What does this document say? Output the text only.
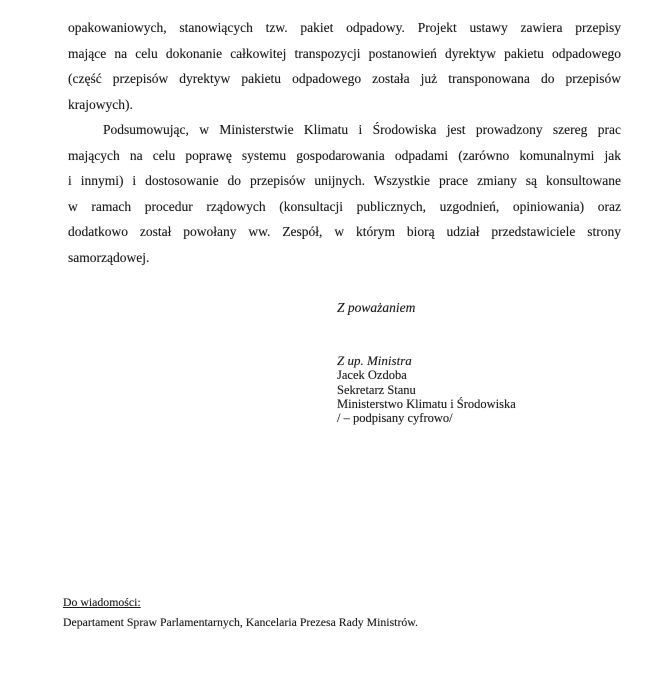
opakowaniowych, stanowiących tzw. pakiet odpadowy. Projekt ustawy zawiera przepisy
mające na celu dokonanie całkowitej transpozycji postanowień dyrektyw pakietu odpadowego
(część przepisów dyrektyw pakietu odpadowego została już transponowana do przepisów
krajowych).
Podsumowując, w Ministerstwie Klimatu i Środowiska jest prowadzony szereg prac
mających na celu poprawę systemu gospodarowania odpadami (zarówno komunalnymi jak
i innymi) i dostosowanie do przepisów unijnych. Wszystkie prace zmiany są konsultowane
w ramach procedur rządowych (konsultacji publicznych, uzgodnień, opiniowania) oraz
dodatkowo został powołany ww. Zespół, w którym biorą udział przedstawiciele strony
samorządowej.
Z poważaniem
Z up. Ministra
Jacek Ozdoba
Sekretarz Stanu
Ministerstwo Klimatu i Środowiska
/ – podpisany cyfrowo/
Do wiadomości:
Departament Spraw Parlamentarnych, Kancelaria Prezesa Rady Ministrów.
